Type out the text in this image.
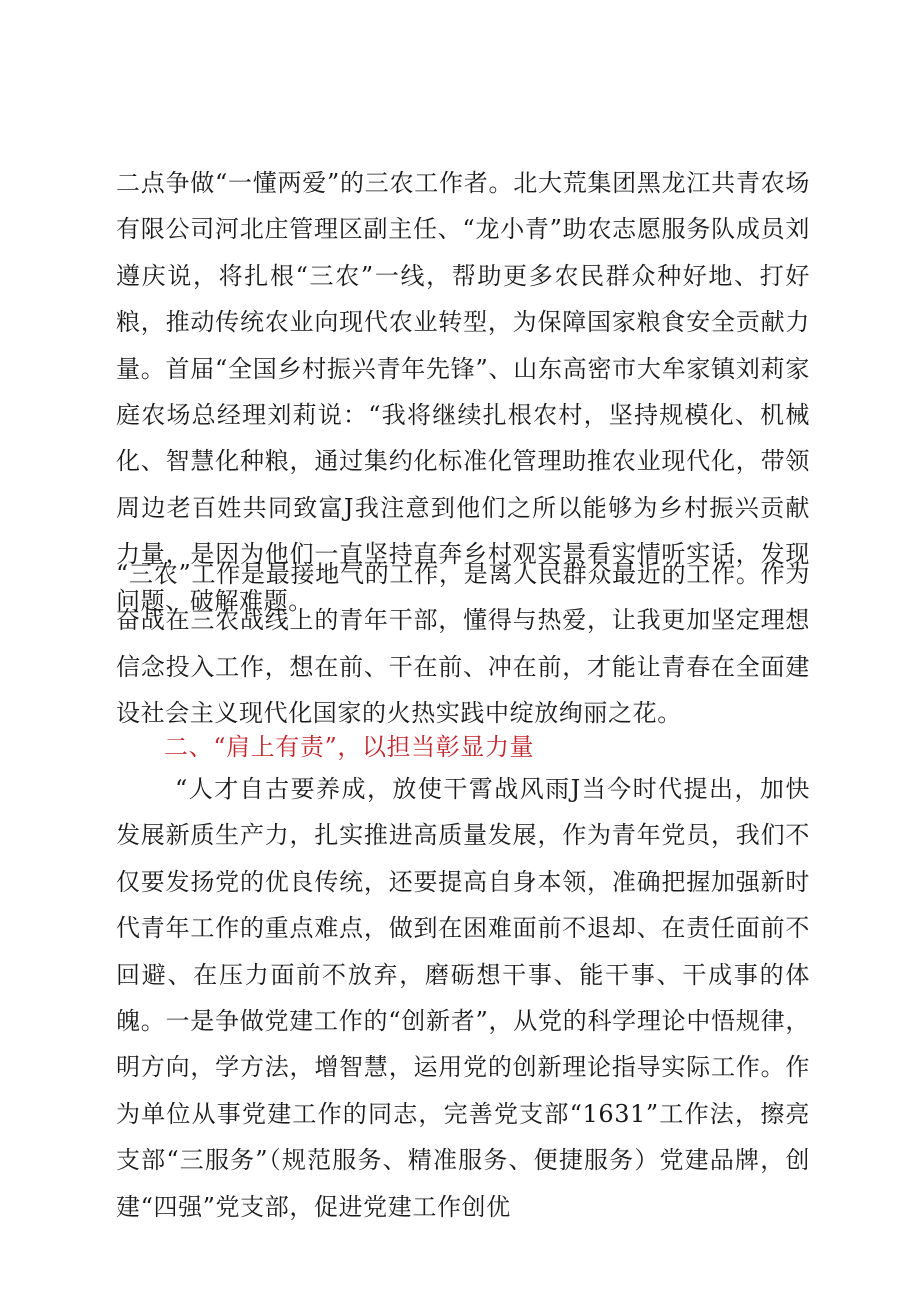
二点争做“一懂两爱”的三农工作者。北大荒集团黑龙江共青农场有限公司河北庄管理区副主任、“龙小青”助农志愿服务队成员刘遵庆说，将扎根“三农”一线，帮助更多农民群众种好地、打好粮，推动传统农业向现代农业转型，为保障国家粮食安全贡献力量。首届“全国乡村振兴青年先锋”、山东高密市大牟家镇刘莉家庭农场总经理刘莉说：“我将继续扎根农村，坚持规模化、机械化、智慧化种粮，通过集约化标准化管理助推农业现代化，带领周边老百姓共同致富J我注意到他们之所以能够为乡村振兴贡献力量，是因为他们一直坚持直奔乡村观实景看实情听实话，发现问题、破解难题。

“三农”工作是最接地气的工作，是离人民群众最近的工作。作为奋战在三农战线上的青年干部，懂得与热爱，让我更加坚定理想信念投入工作，想在前、干在前、冲在前，才能让青春在全面建设社会主义现代化国家的火热实践中绽放绚丽之花。

二、“肩上有责”，以担当彰显力量

“人才自古要养成，放使干霄战风雨J当今时代提出，加快发展新质生产力，扎实推进高质量发展，作为青年党员，我们不仅要发扬党的优良传统，还要提高自身本领，准确把握加强新时代青年工作的重点难点，做到在困难面前不退却、在责任面前不回避、在压力面前不放弃，磨砺想干事、能干事、干成事的体魄。一是争做党建工作的“创新者”，从党的科学理论中悟规律，明方向，学方法，增智慧，运用党的创新理论指导实际工作。作为单位从事党建工作的同志，完善党支部“1631”工作法，擦亮支部“三服务”（规范服务、精准服务、便捷服务）党建品牌，创建“四强”党支部，促进党建工作创优
